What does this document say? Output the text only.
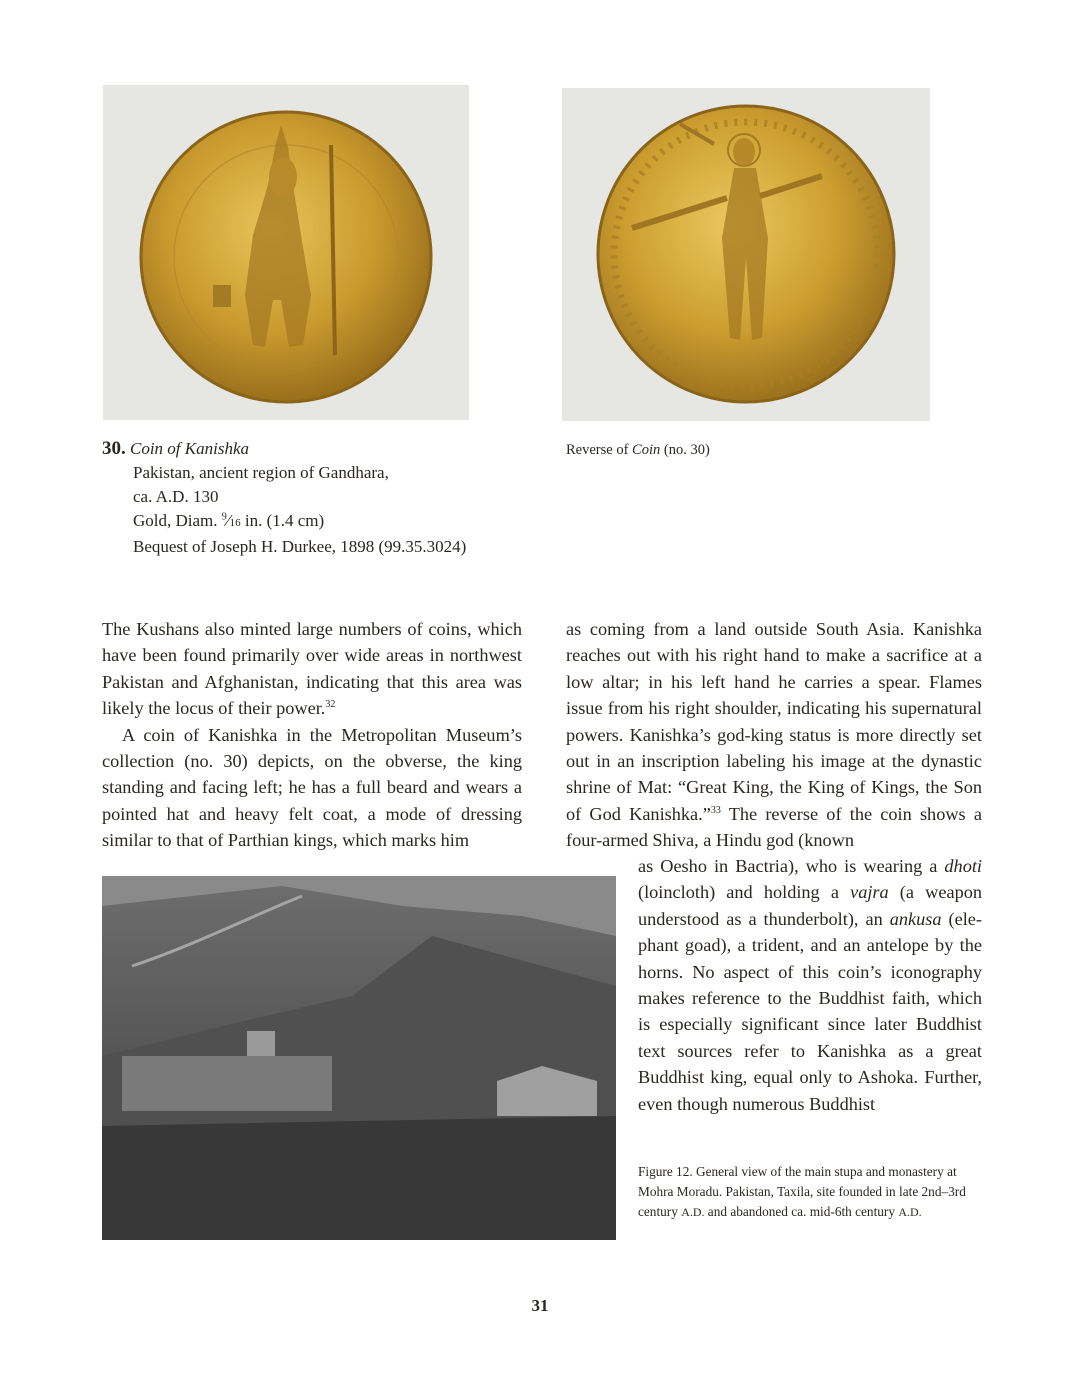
30. Coin of Kanishka
Pakistan, ancient region of Gandhara,
ca. A.D. 130
Gold, Diam. $^9$⁄16 in. (1.4 cm)
Bequest of Joseph H. Durkee, 1898 (99.35.3024)
Reverse of Coin (no. 30)

The Kushans also minted large numbers of coins, which have been found primarily over wide areas in northwest Pakistan and Afghanistan, indicating that this area was likely the locus of their power.$^{32}$

A coin of Kanishka in the Metropolitan Museum’s collection (no. 30) depicts, on the obverse, the king standing and facing left; he has a full beard and wears a pointed hat and heavy felt coat, a mode of dressing similar to that of Parthian kings, which marks him

as coming from a land outside South Asia. Kanishka reaches out with his right hand to make a sacrifice at a low altar; in his left hand he carries a spear. Flames issue from his right shoulder, indicating his supernatural powers. Kanishka’s god-king status is more directly set out in an inscription labeling his image at the dynastic shrine of Mat: “Great King, the King of Kings, the Son of God Kanishka.”$^{33}$ The reverse of the coin shows a four-armed Shiva, a Hindu god (known

as Oesho in Bactria), who is wearing a dhoti (loincloth) and holding a vajra (a weapon understood as a thunderbolt), an ankusa (elephant goad), a trident, and an antelope by the horns. No aspect of this coin’s iconography makes reference to the Buddhist faith, which is especially significant since later Buddhist text sources refer to Kanishka as a great Buddhist king, equal only to Ashoka. Further, even though numerous Buddhist

Figure 12. General view of the main stupa and monastery at Mohra Moradu. Pakistan, Taxila, site founded in late 2nd–3rd century A.D. and abandoned ca. mid-6th century A.D.
31
